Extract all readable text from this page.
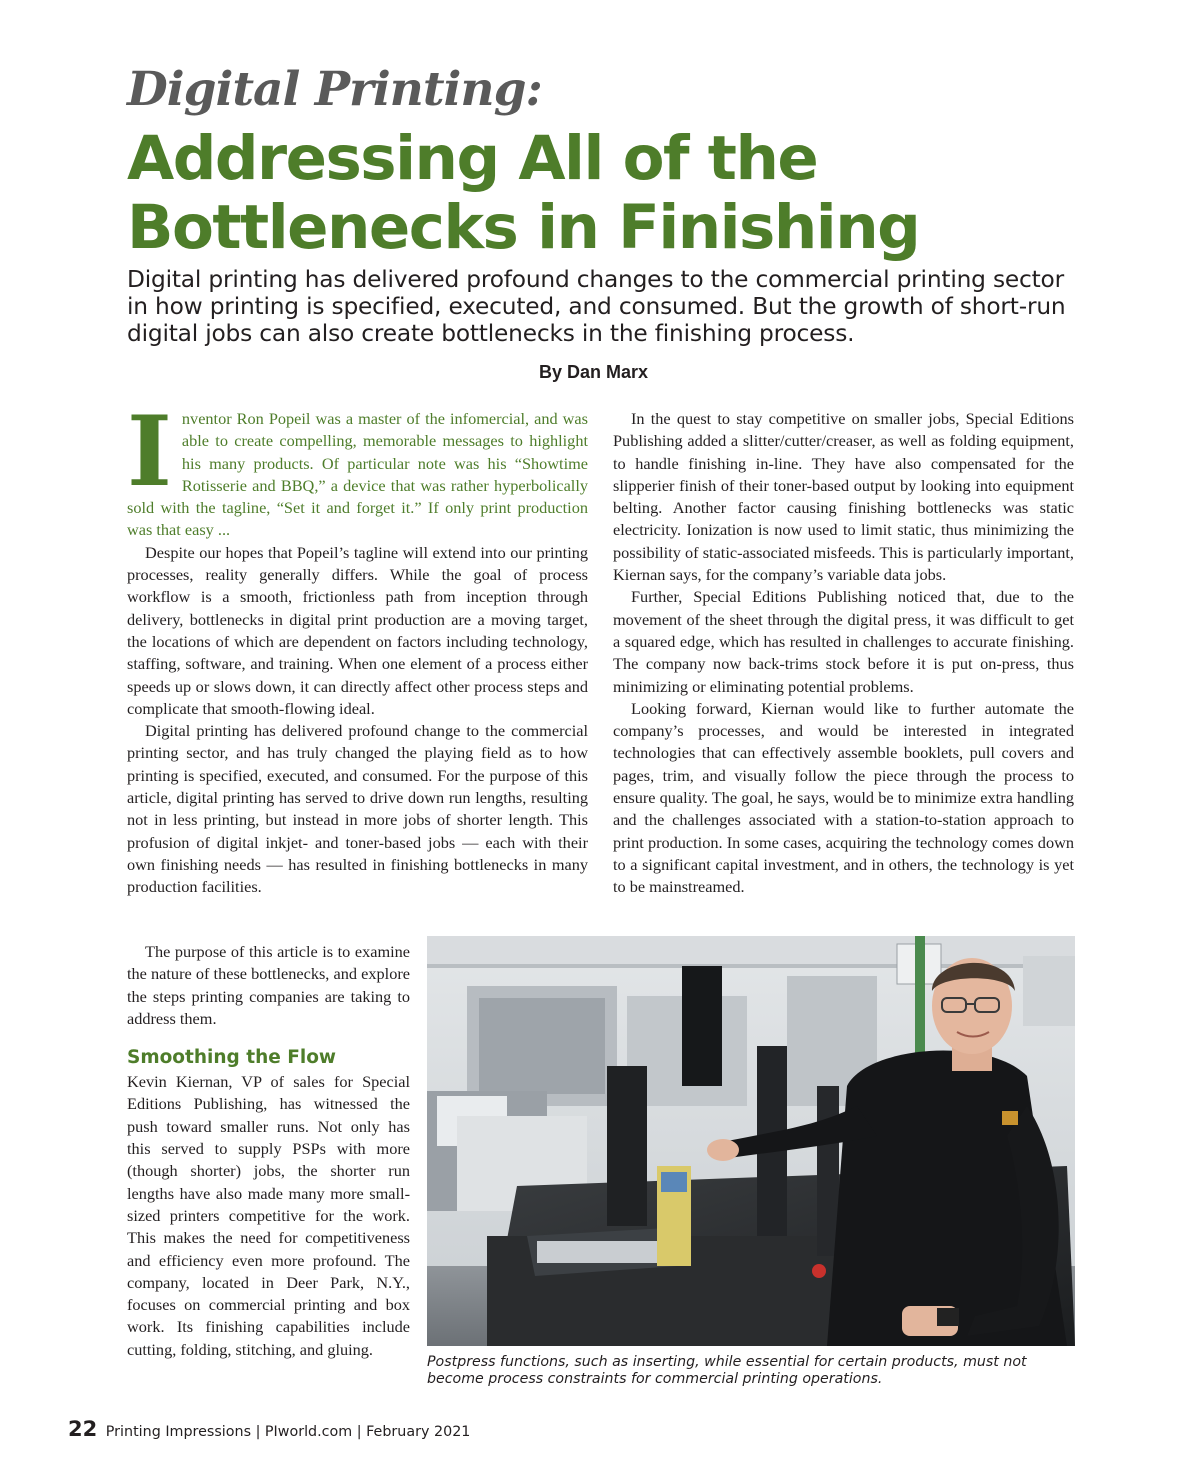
Digital Printing:
Addressing All of the
Bottlenecks in Finishing

Digital printing has delivered profound changes to the commercial printing sector in how printing is specified, executed, and consumed. But the growth of short-run digital jobs can also create bottlenecks in the finishing process.

By Dan Marx

Inventor Ron Popeil was a master of the infomercial, and was able to create compelling, memorable messages to highlight his many products. Of particular note was his “Showtime Rotisserie and BBQ,” a device that was rather hyperbolically sold with the tagline, “Set it and forget it.” If only print production was that easy ...

Despite our hopes that Popeil’s tagline will extend into our printing processes, reality generally differs. While the goal of process workflow is a smooth, frictionless path from inception through delivery, bottlenecks in digital print production are a moving target, the locations of which are dependent on factors including technology, staffing, software, and training. When one element of a process either speeds up or slows down, it can directly affect other process steps and complicate that smooth-flowing ideal.

Digital printing has delivered profound change to the commercial printing sector, and has truly changed the playing field as to how printing is specified, executed, and consumed. For the purpose of this article, digital printing has served to drive down run lengths, resulting not in less printing, but instead in more jobs of shorter length. This profusion of digital inkjet- and toner-based jobs — each with their own finishing needs — has resulted in finishing bottlenecks in many production facilities.

The purpose of this article is to examine the nature of these bottlenecks, and explore the steps printing companies are taking to address them.

Smoothing the Flow

Kevin Kiernan, VP of sales for Special Editions Publishing, has witnessed the push toward smaller runs. Not only has this served to supply PSPs with more (though shorter) jobs, the shorter run lengths have also made many more small-sized printers competitive for the work. This makes the need for competitiveness and efficiency even more profound. The company, located in Deer Park, N.Y., focuses on commercial printing and box work. Its finishing capabilities include cutting, folding, stitching, and gluing.

In the quest to stay competitive on smaller jobs, Special Editions Publishing added a slitter/cutter/creaser, as well as folding equipment, to handle finishing in-line. They have also compensated for the slipperier finish of their toner-based output by looking into equipment belting. Another factor causing finishing bottlenecks was static electricity. Ionization is now used to limit static, thus minimizing the possibility of static-associated misfeeds. This is particularly important, Kiernan says, for the company’s variable data jobs.

Further, Special Editions Publishing noticed that, due to the movement of the sheet through the digital press, it was difficult to get a squared edge, which has resulted in challenges to accurate finishing. The company now back-trims stock before it is put on-press, thus minimizing or eliminating potential problems.

Looking forward, Kiernan would like to further automate the company’s processes, and would be interested in integrated technologies that can effectively assemble booklets, pull covers and pages, trim, and visually follow the piece through the process to ensure quality. The goal, he says, would be to minimize extra handling and the challenges associated with a station-to-station approach to print production. In some cases, acquiring the technology comes down to a significant capital investment, and in others, the technology is yet to be mainstreamed.

Postpress functions, such as inserting, while essential for certain products, must not become process constraints for commercial printing operations.

22 Printing Impressions | PIworld.com | February 2021
